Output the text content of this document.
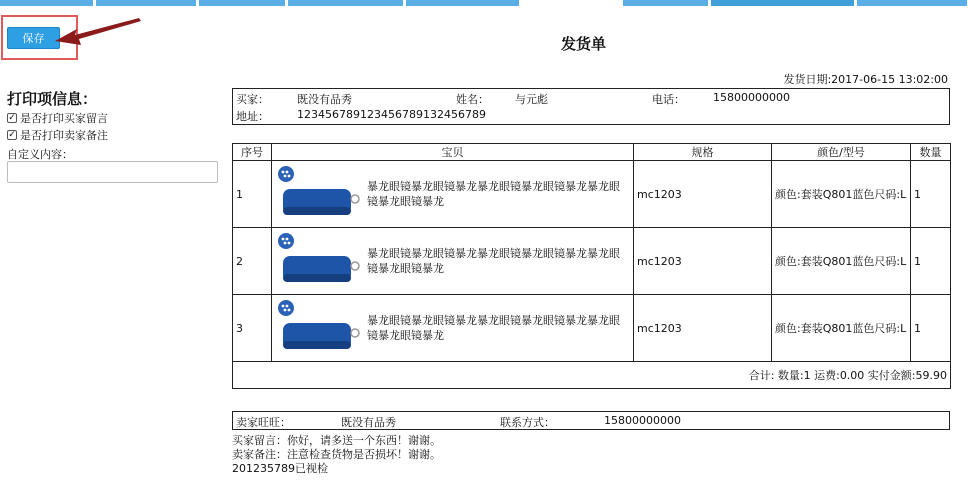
保存
打印项信息：
✓ 是否打印买家留言
✓ 是否打印卖家备注
自定义内容：
发货单
发货日期:2017-06-15 13:02:00
买家：	既没有品秀	姓名： 与元彪	电话：	15800000000
地址：	123456789123456789132456789
序号	宝贝	规格	颜色/型号	数量
1	暴龙眼镜暴龙眼镜暴龙暴龙眼镜暴龙眼镜暴龙暴龙眼镜暴龙眼镜暴龙	mc1203	颜色:套装Q801蓝色尺码:L	1
2	暴龙眼镜暴龙眼镜暴龙暴龙眼镜暴龙眼镜暴龙暴龙眼镜暴龙眼镜暴龙	mc1203	颜色:套装Q801蓝色尺码:L	1
3	暴龙眼镜暴龙眼镜暴龙暴龙眼镜暴龙眼镜暴龙暴龙眼镜暴龙眼镜暴龙	mc1203	颜色:套装Q801蓝色尺码:L	1
合计: 数量:1 运费:0.00 实付金额:59.90				
卖家旺旺：	既没有品秀	联系方式：	15800000000
买家留言：你好，请多送一个东西！谢谢。
卖家备注：注意检查货物是否损坏！谢谢。
201235789已视检
